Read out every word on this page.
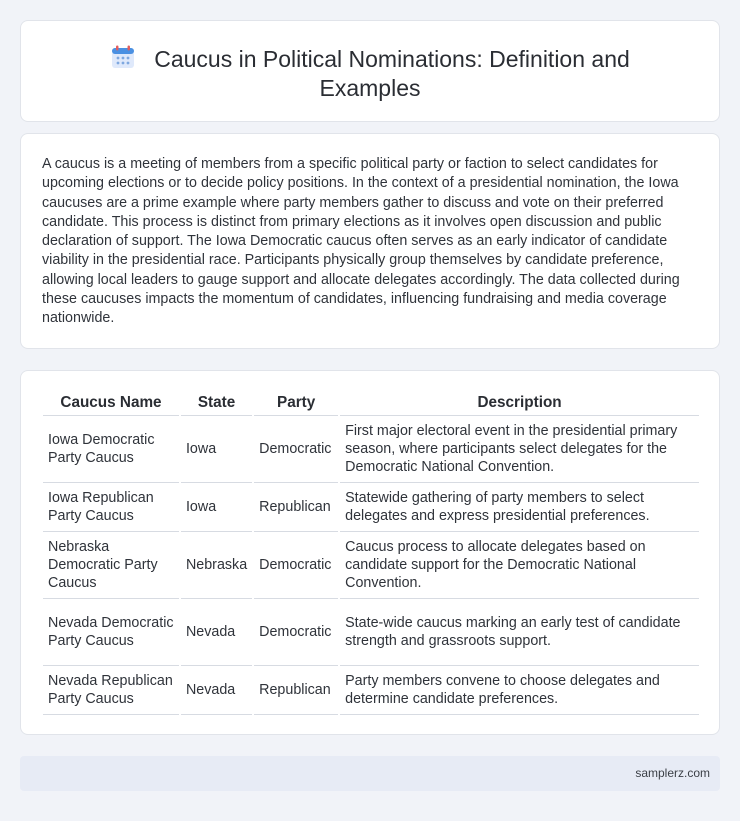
Caucus in Political Nominations: Definition and
Examples

A caucus is a meeting of members from a specific political party or faction to select candidates for upcoming elections or to decide policy positions. In the context of a presidential nomination, the Iowa caucuses are a prime example where party members gather to discuss and vote on their preferred candidate. This process is distinct from primary elections as it involves open discussion and public declaration of support. The Iowa Democratic caucus often serves as an early indicator of candidate viability in the presidential race. Participants physically group themselves by candidate preference, allowing local leaders to gauge support and allocate delegates accordingly. The data collected during these caucuses impacts the momentum of candidates, influencing fundraising and media coverage nationwide.

Caucus Name	State	Party	Description
Iowa Democratic Party Caucus	Iowa	Democratic	First major electoral event in the presidential primary season, where participants select delegates for the Democratic National Convention.
Iowa Republican Party Caucus	Iowa	Republican	Statewide gathering of party members to select delegates and express presidential preferences.
Nebraska Democratic Party Caucus	Nebraska	Democratic	Caucus process to allocate delegates based on candidate support for the Democratic National Convention.
Nevada Democratic Party Caucus	Nevada	Democratic	State-wide caucus marking an early test of candidate strength and grassroots support.
Nevada Republican Party Caucus	Nevada	Republican	Party members convene to choose delegates and determine candidate preferences.
samplerz.com
